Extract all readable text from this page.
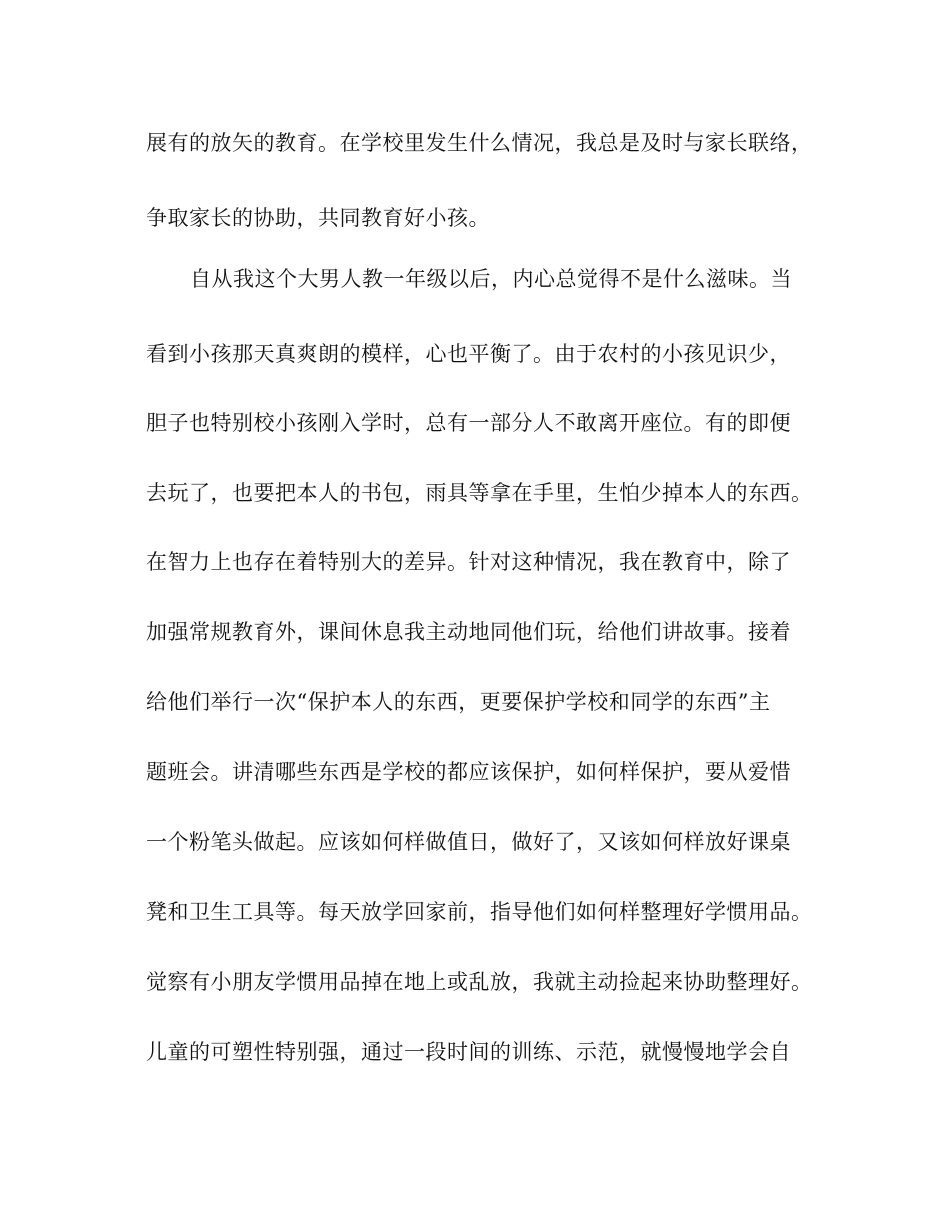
展有的放矢的教育。在学校里发生什么情况，我总是及时与家长联络，
争取家长的协助，共同教育好小孩。
自从我这个大男人教一年级以后，内心总觉得不是什么滋味。当
看到小孩那天真爽朗的模样，心也平衡了。由于农村的小孩见识少，
胆子也特别校小孩刚入学时，总有一部分人不敢离开座位。有的即便
去玩了，也要把本人的书包，雨具等拿在手里，生怕少掉本人的东西。
在智力上也存在着特别大的差异。针对这种情况，我在教育中，除了
加强常规教育外，课间休息我主动地同他们玩，给他们讲故事。接着
给他们举行一次“保护本人的东西，更要保护学校和同学的东西”主
题班会。讲清哪些东西是学校的都应该保护，如何样保护，要从爱惜
一个粉笔头做起。应该如何样做值日，做好了，又该如何样放好课桌
凳和卫生工具等。每天放学回家前，指导他们如何样整理好学惯用品。
觉察有小朋友学惯用品掉在地上或乱放，我就主动捡起来协助整理好。
儿童的可塑性特别强，通过一段时间的训练、示范，就慢慢地学会自
